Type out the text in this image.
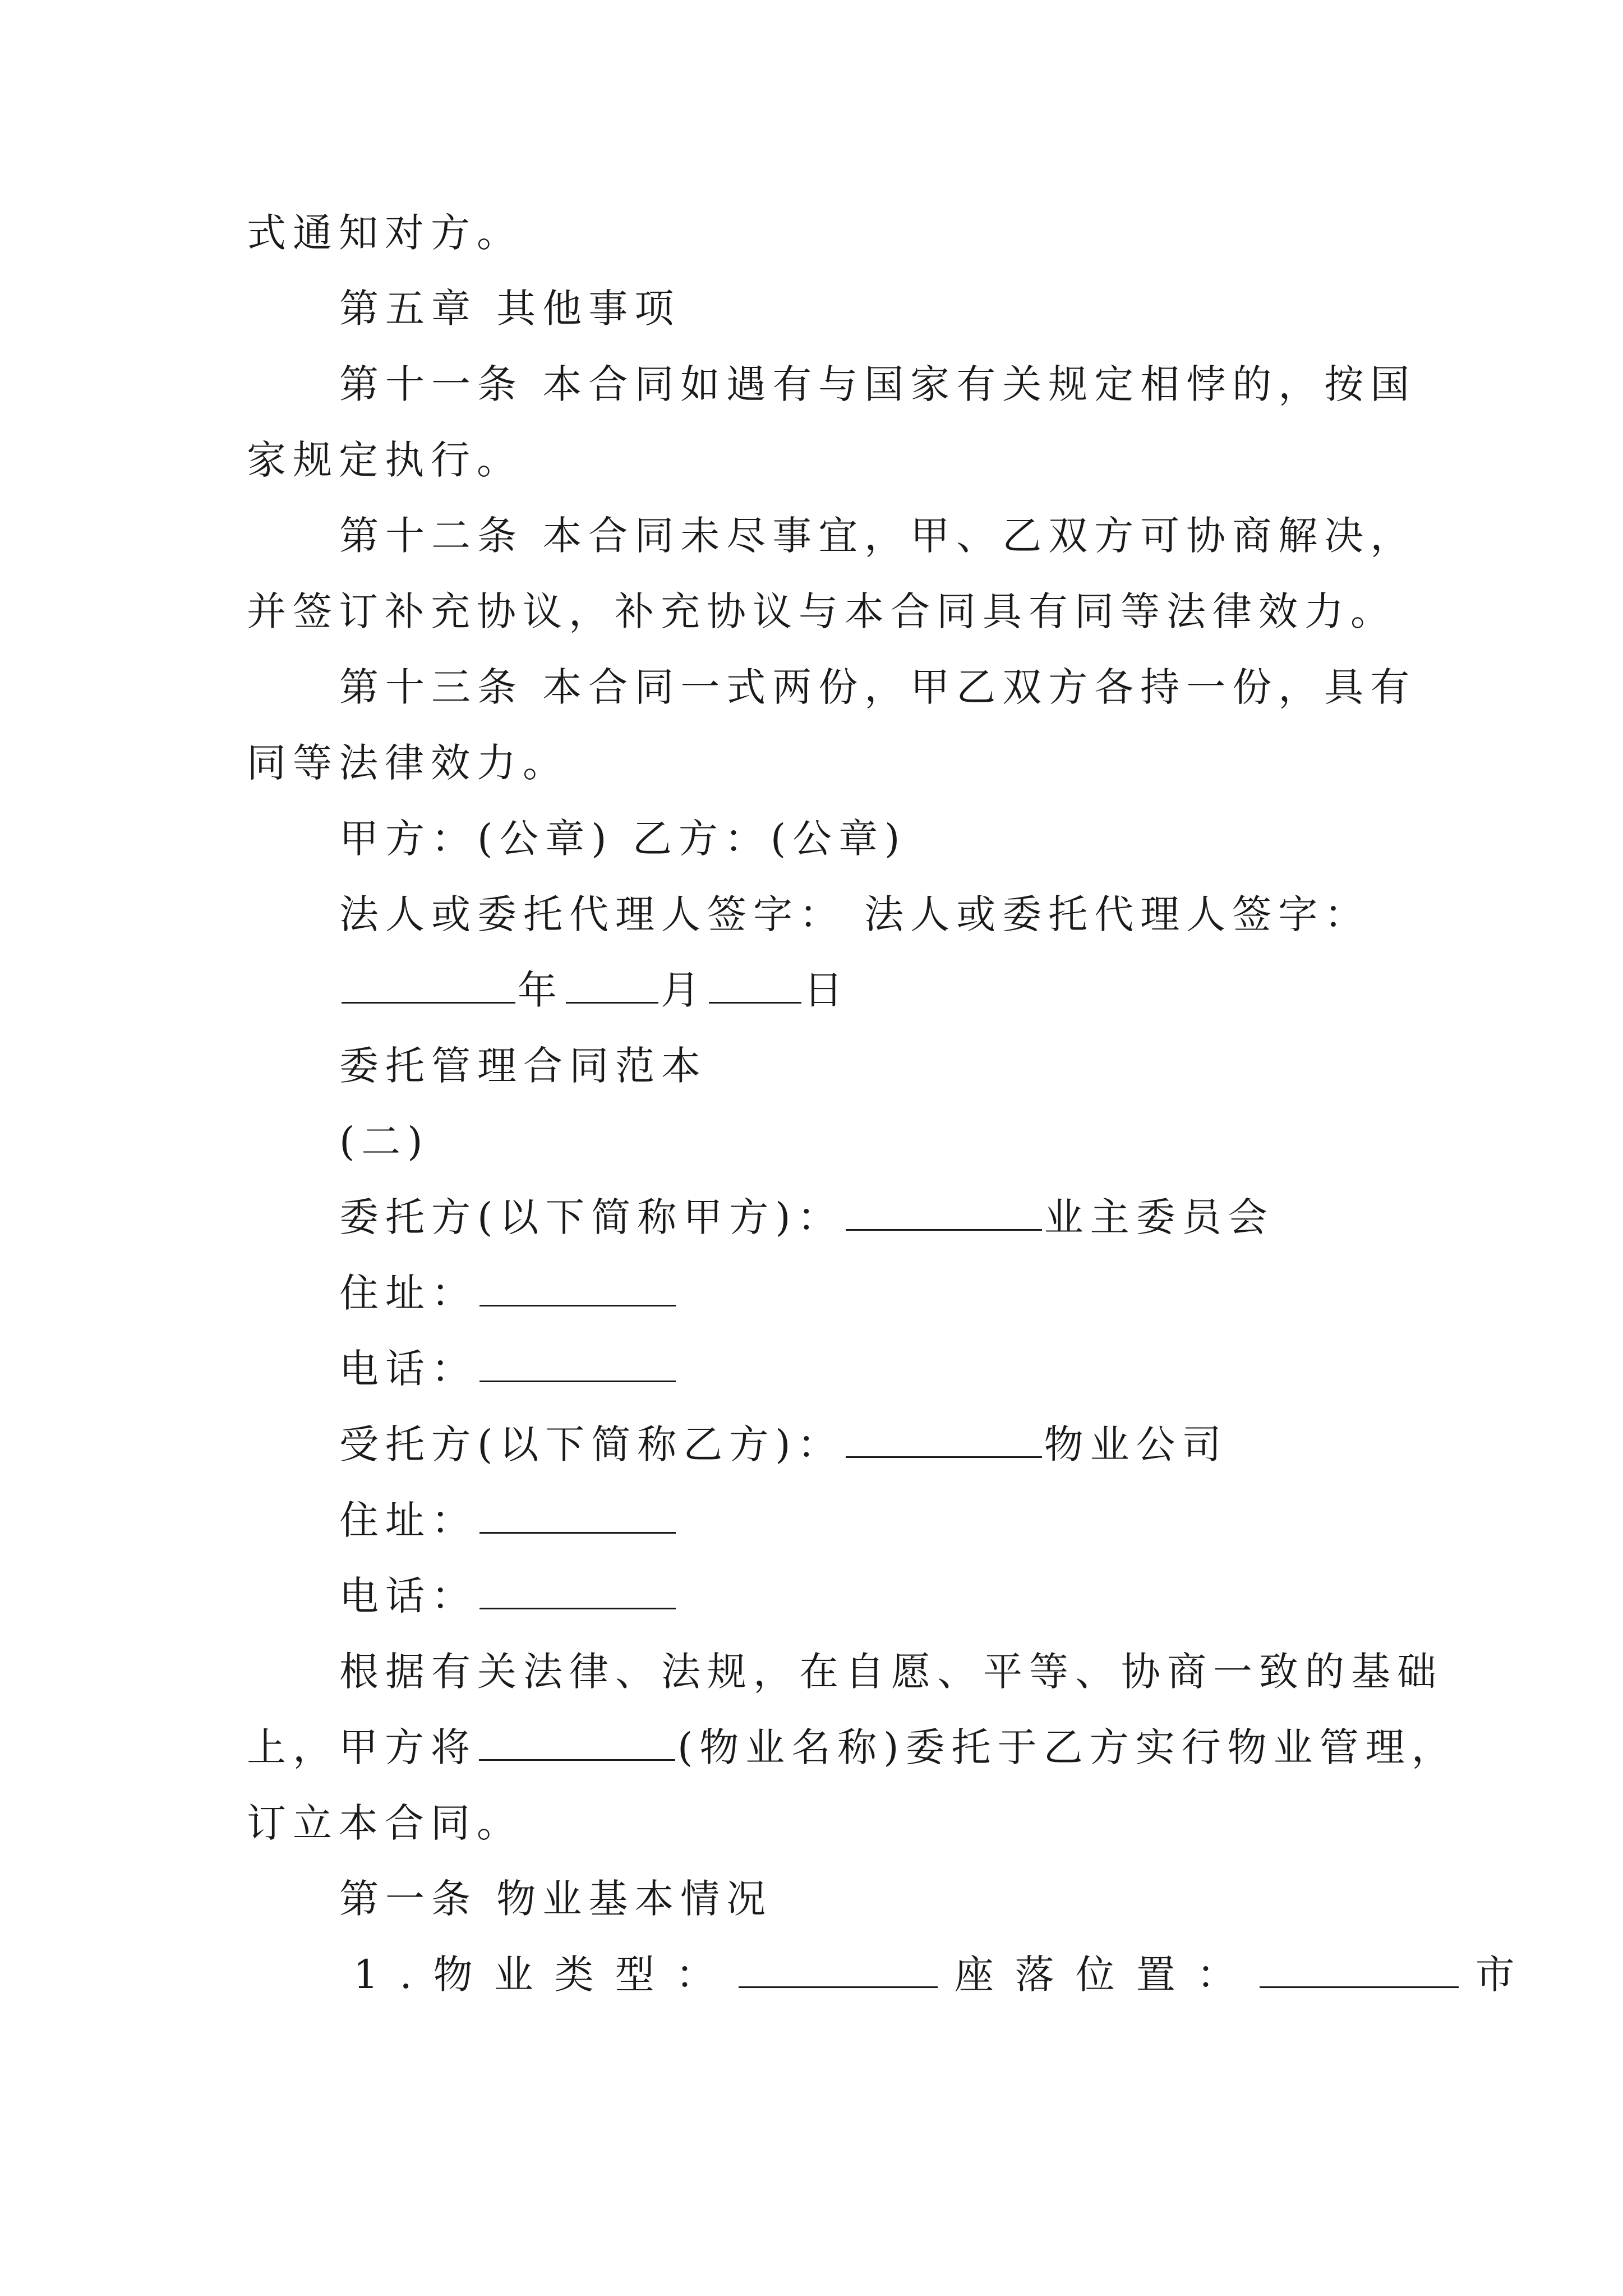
式通知对方。
第五章 其他事项
第十一条 本合同如遇有与国家有关规定相悖的，按国
家规定执行。
第十二条 本合同未尽事宜，甲、乙双方可协商解决，
并签订补充协议，补充协议与本合同具有同等法律效力。
第十三条 本合同一式两份，甲乙双方各持一份，具有
同等法律效力。
甲方：(公章) 乙方：(公章)
法人或委托代理人签字： 法人或委托代理人签字：
年 月 日
委托管理合同范本
(二)
委托方(以下简称甲方)：	业主委员会
住址：
电话：
受托方(以下简称乙方)：	物业公司
住址：
电话：
根据有关法律、法规，在自愿、平等、协商一致的基础
上，甲方将	(物业名称)委托于乙方实行物业管理，
订立本合同。
第一条 物业基本情况
1.物业类型：	座落位置：	市
